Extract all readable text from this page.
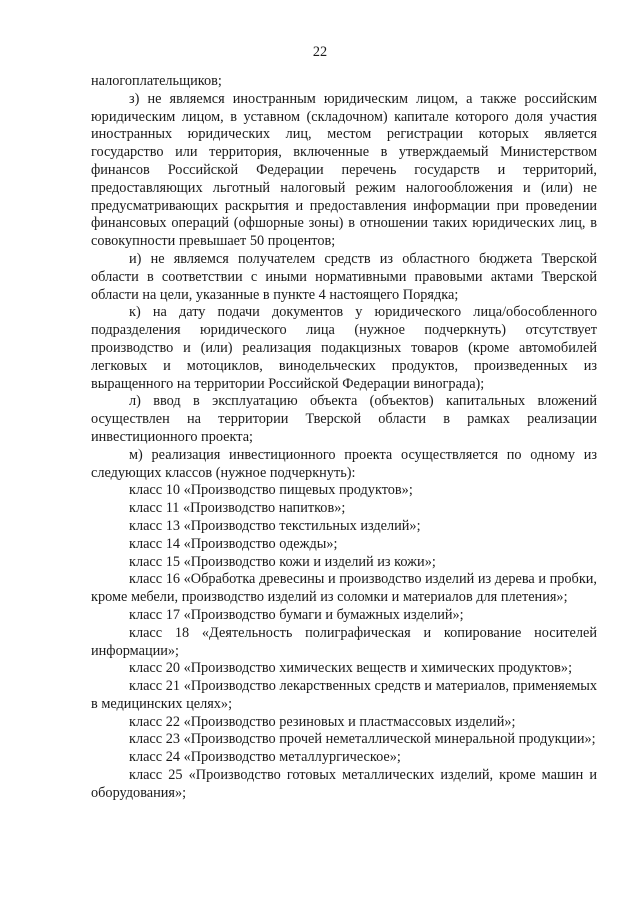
22

налогоплательщиков;

з) не являемся иностранным юридическим лицом, а также российским юридическим лицом, в уставном (складочном) капитале которого доля участия иностранных юридических лиц, местом регистрации которых является государство или территория, включенные в утверждаемый Министерством финансов Российской Федерации перечень государств и территорий, предоставляющих льготный налоговый режим налогообложения и (или) не предусматривающих раскрытия и предоставления информации при проведении финансовых операций (офшорные зоны) в отношении таких юридических лиц, в совокупности превышает 50 процентов;

и) не являемся получателем средств из областного бюджета Тверской области в соответствии с иными нормативными правовыми актами Тверской области на цели, указанные в пункте 4 настоящего Порядка;

к) на дату подачи документов у юридического лица/обособленного подразделения юридического лица (нужное подчеркнуть) отсутствует производство и (или) реализация подакцизных товаров (кроме автомобилей легковых и мотоциклов, винодельческих продуктов, произведенных из выращенного на территории Российской Федерации винограда);

л) ввод в эксплуатацию объекта (объектов) капитальных вложений осуществлен на территории Тверской области в рамках реализации инвестиционного проекта;

м) реализация инвестиционного проекта осуществляется по одному из следующих классов (нужное подчеркнуть):

класс 10 «Производство пищевых продуктов»;

класс 11 «Производство напитков»;

класс 13 «Производство текстильных изделий»;

класс 14 «Производство одежды»;

класс 15 «Производство кожи и изделий из кожи»;

класс 16 «Обработка древесины и производство изделий из дерева и пробки, кроме мебели, производство изделий из соломки и материалов для плетения»;

класс 17 «Производство бумаги и бумажных изделий»;

класс 18 «Деятельность полиграфическая и копирование носителей информации»;

класс 20 «Производство химических веществ и химических продуктов»;

класс 21 «Производство лекарственных средств и материалов, применяемых в медицинских целях»;

класс 22 «Производство резиновых и пластмассовых изделий»;

класс 23 «Производство прочей неметаллической минеральной продукции»;

класс 24 «Производство металлургическое»;

класс 25 «Производство готовых металлических изделий, кроме машин и оборудования»;
